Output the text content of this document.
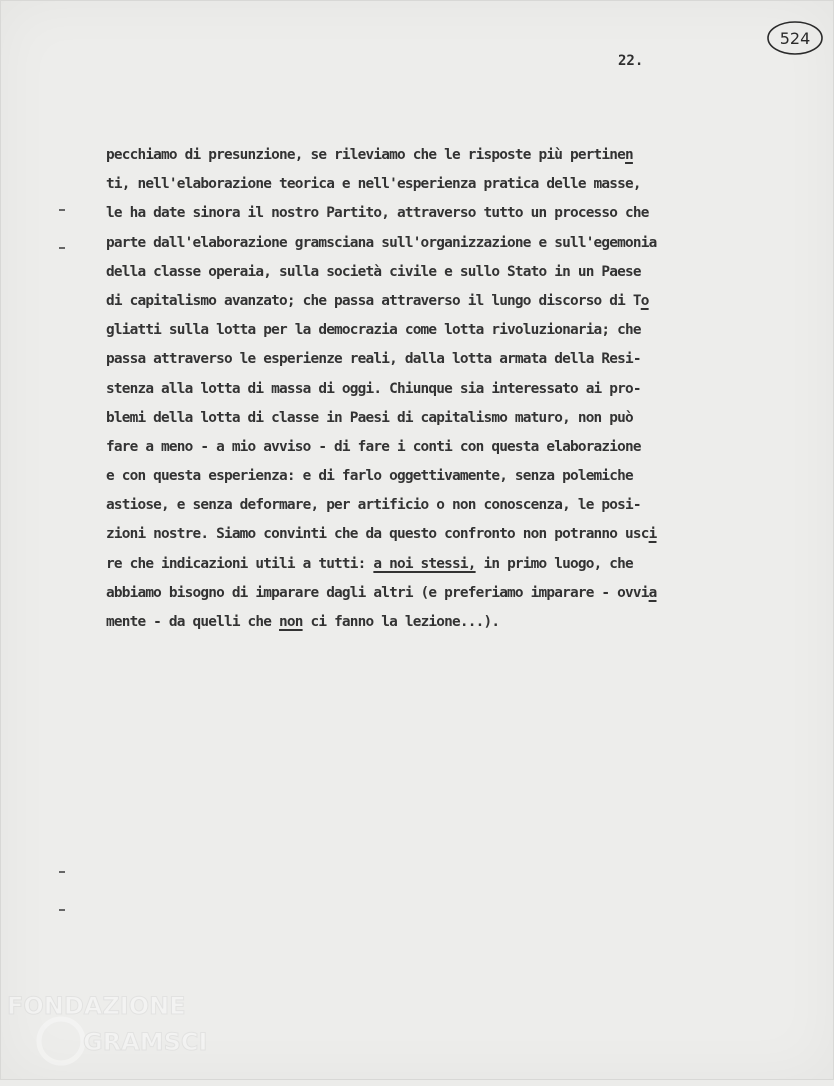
524
22.
pecchiamo di presunzione, se rileviamo che le risposte più pertinen
ti, nell'elaborazione teorica e nell'esperienza pratica delle masse,
le ha date sinora il nostro Partito, attraverso tutto un processo che
parte dall'elaborazione gramsciana sull'organizzazione e sull'egemonia
della classe operaia, sulla società civile e sullo Stato in un Paese
di capitalismo avanzato; che passa attraverso il lungo discorso di To
gliatti sulla lotta per la democrazia come lotta rivoluzionaria; che
passa attraverso le esperienze reali, dalla lotta armata della Resi-
stenza alla lotta di massa di oggi. Chiunque sia interessato ai pro-
blemi della lotta di classe in Paesi di capitalismo maturo, non può
fare a meno - a mio avviso - di fare i conti con questa elaborazione
e con questa esperienza: e di farlo oggettivamente, senza polemiche
astiose, e senza deformare, per artificio o non conoscenza, le posi-
zioni nostre. Siamo convinti che da questo confronto non potranno usci
re che indicazioni utili a tutti: a noi stessi, in primo luogo, che
abbiamo bisogno di imparare dagli altri (e preferiamo imparare - ovvia
mente - da quelli che non ci fanno la lezione...).
FONDAZIONE
GRAMSCI
